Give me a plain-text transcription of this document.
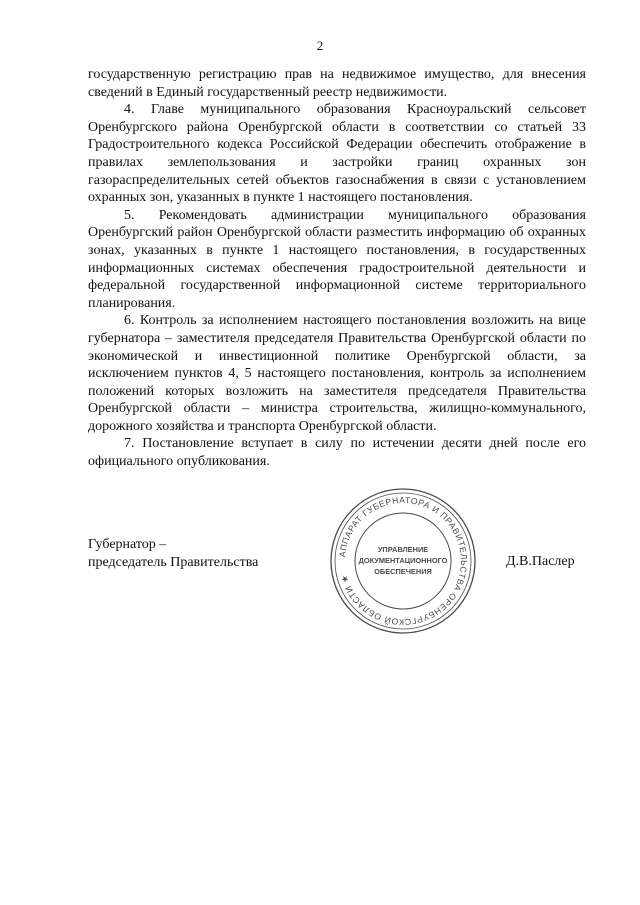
2

государственную регистрацию прав на недвижимое имущество, для внесения сведений в Единый государственный реестр недвижимости.

4. Главе муниципального образования Красноуральский сельсовет Оренбургского района Оренбургской области в соответствии со статьей 33 Градостроительного кодекса Российской Федерации обеспечить отображение в правилах землепользования и застройки границ охранных зон газораспределительных сетей объектов газоснабжения в связи с установлением охранных зон, указанных в пункте 1 настоящего постановления.

5. Рекомендовать администрации муниципального образования Оренбургский район Оренбургской области разместить информацию об охранных зонах, указанных в пункте 1 настоящего постановления, в государственных информационных системах обеспечения градостроительной деятельности и федеральной государственной информационной системе территориального планирования.

6. Контроль за исполнением настоящего постановления возложить на вице губернатора – заместителя председателя Правительства Оренбургской области по экономической и инвестиционной политике Оренбургской области, за исключением пунктов 4, 5 настоящего постановления, контроль за исполнением положений которых возложить на заместителя председателя Правительства Оренбургской области – министра строительства, жилищно-коммунального, дорожного хозяйства и транспорта Оренбургской области.

7. Постановление вступает в силу по истечении десяти дней после его официального опубликования.

Губернатор –
председатель Правительства	Д.В.Паслер
АППАРАТ ГУБЕРНАТОРА И ПРАВИТЕЛЬСТВА ОРЕНБУРГСКОЙ ОБЛАСТИ ★
УПРАВЛЕНИЕ
ДОКУМЕНТАЦИОННОГО
ОБЕСПЕЧЕНИЯ
